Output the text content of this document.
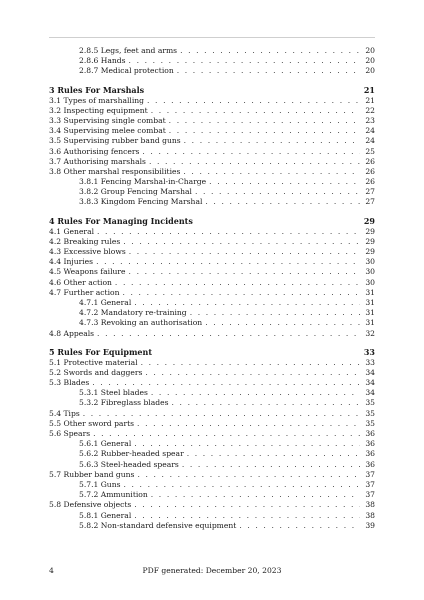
2.8.5 Legs, feet and arms . . .	20
2.8.6 Hands . . .	20
2.8.7 Medical protection . . .	20
3 Rules For Marshals	21
3.1 Types of marshalling . . .	21
3.2 Inspecting equipment . . .	22
3.3 Supervising single combat . . .	23
3.4 Supervising melee combat . . .	24
3.5 Supervising rubber band guns . . .	24
3.6 Authorising fencers . . .	25
3.7 Authorising marshals . . .	26
3.8 Other marshal responsibilities . . .	26
3.8.1 Fencing Marshal-in-Charge . . .	26
3.8.2 Group Fencing Marshal . . .	27
3.8.3 Kingdom Fencing Marshal . . .	27
4 Rules For Managing Incidents	29
4.1 General . . .	29
4.2 Breaking rules . . .	29
4.3 Excessive blows . . .	29
4.4 Injuries . . .	30
4.5 Weapons failure . . .	30
4.6 Other action . . .	30
4.7 Further action . . .	31
4.7.1 General . . .	31
4.7.2 Mandatory re-training . . .	31
4.7.3 Revoking an authorisation . . .	31
4.8 Appeals . . .	32
5 Rules For Equipment	33
5.1 Protective material . . .	33
5.2 Swords and daggers . . .	34
5.3 Blades . . .	34
5.3.1 Steel blades . . .	34
5.3.2 Fibreglass blades . . .	35
5.4 Tips . . .	35
5.5 Other sword parts . . .	35
5.6 Spears . . .	36
5.6.1 General . . .	36
5.6.2 Rubber-headed spear . . .	36
5.6.3 Steel-headed spears . . .	36
5.7 Rubber band guns . . .	37
5.7.1 Guns . . .	37
5.7.2 Ammunition . . .	37
5.8 Defensive objects . . .	38
5.8.1 General . . .	38
5.8.2 Non-standard defensive equipment . . .	39
4	PDF generated: December 20, 2023
